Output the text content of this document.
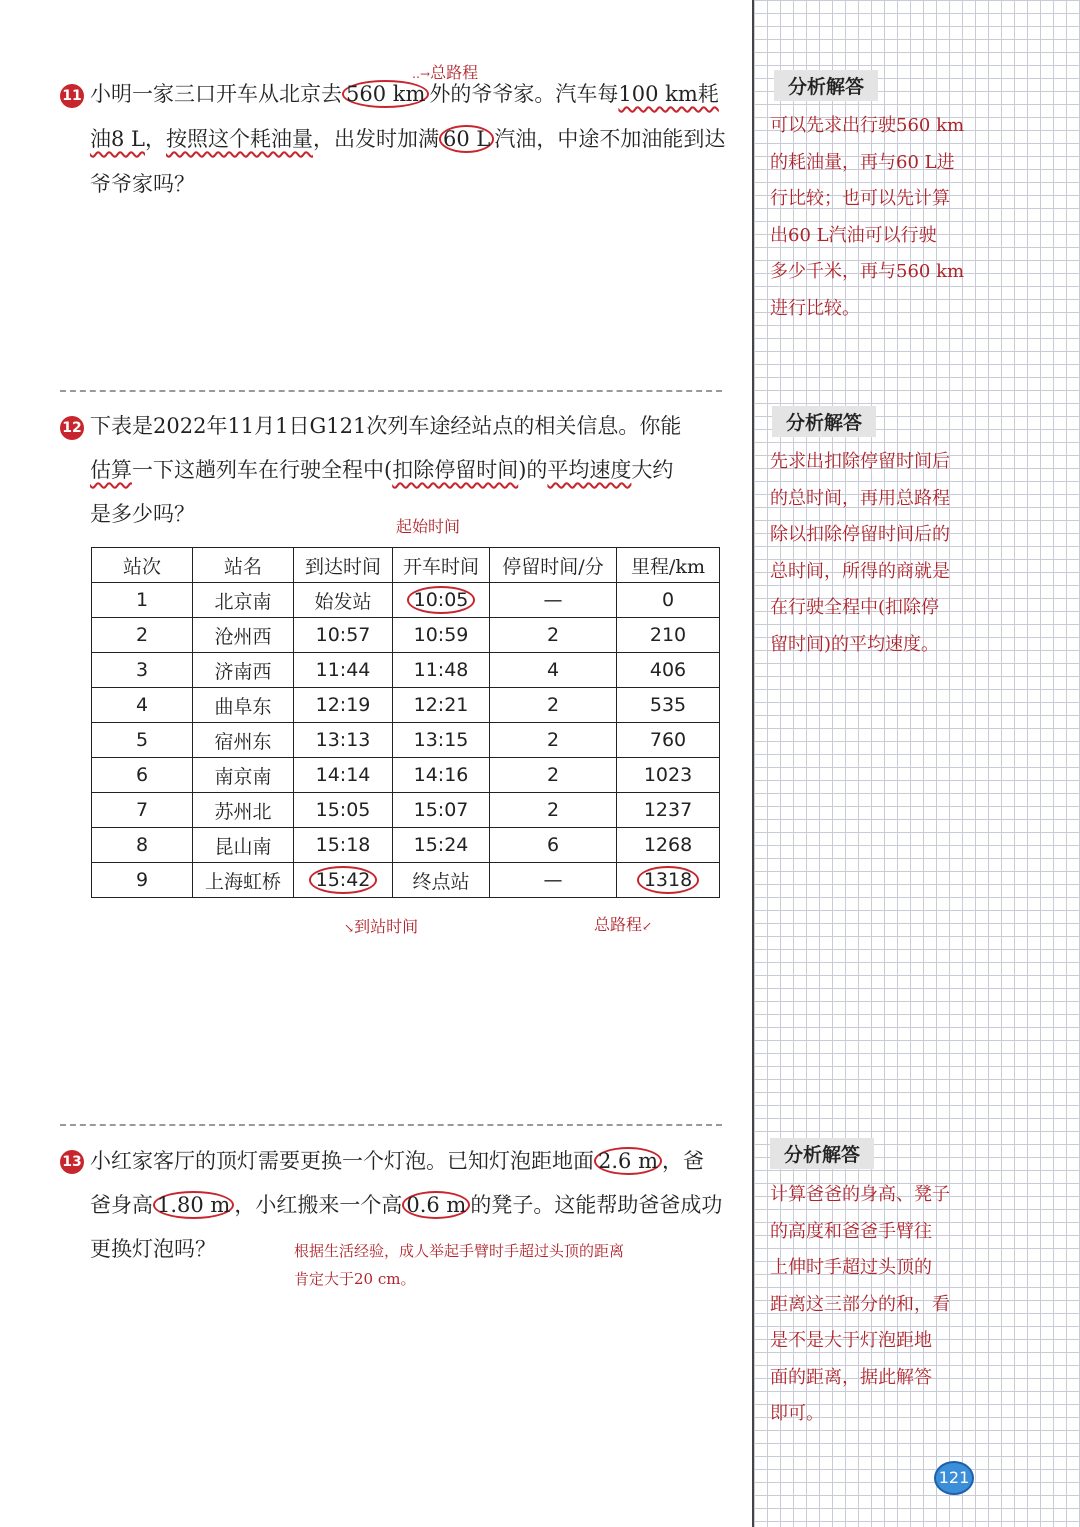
11
‥→总路程
小明一家三口开车从北京去 560 km 外的爷爷家。汽车每100 km耗
油8 L，按照这个耗油量，出发时加满 60 L 汽油，中途不加油能到达
爷爷家吗？
12 下表是2022年11月1日G121次列车途经站点的相关信息。你能
估算一下这趟列车在行驶全程中(扣除停留时间)的平均速度大约
是多少吗？
起始时间
站次	站名	到达时间	开车时间	停留时间/分	里程/km
1	北京南	始发站	10:05	—	0
2	沧州西	10:57	10:59	2	210
3	济南西	11:44	11:48	4	406
4	曲阜东	12:19	12:21	2	535
5	宿州东	13:13	13:15	2	760
6	南京南	14:14	14:16	2	1023
7	苏州北	15:05	15:07	2	1237
8	昆山南	15:18	15:24	6	1268
9	上海虹桥	15:42	终点站	—	1318
↘到站时间	总路程↙
13 小红家客厅的顶灯需要更换一个灯泡。已知灯泡距地面 2.6 m ，爸
爸身高 1.80 m ，小红搬来一个高 0.6 m 的凳子。这能帮助爸爸成功
更换灯泡吗？	根据生活经验，成人举起手臂时手超过头顶的距离
肯定大于20 cm。
分析解答
可以先求出行驶560 km
的耗油量，再与60 L进
行比较；也可以先计算
出60 L汽油可以行驶
多少千米，再与560 km
进行比较。
分析解答
先求出扣除停留时间后
的总时间，再用总路程
除以扣除停留时间后的
总时间，所得的商就是
在行驶全程中(扣除停
留时间)的平均速度。
分析解答
计算爸爸的身高、凳子
的高度和爸爸手臂往
上伸时手超过头顶的
距离这三部分的和，看
是不是大于灯泡距地
面的距离，据此解答
即可。
121
